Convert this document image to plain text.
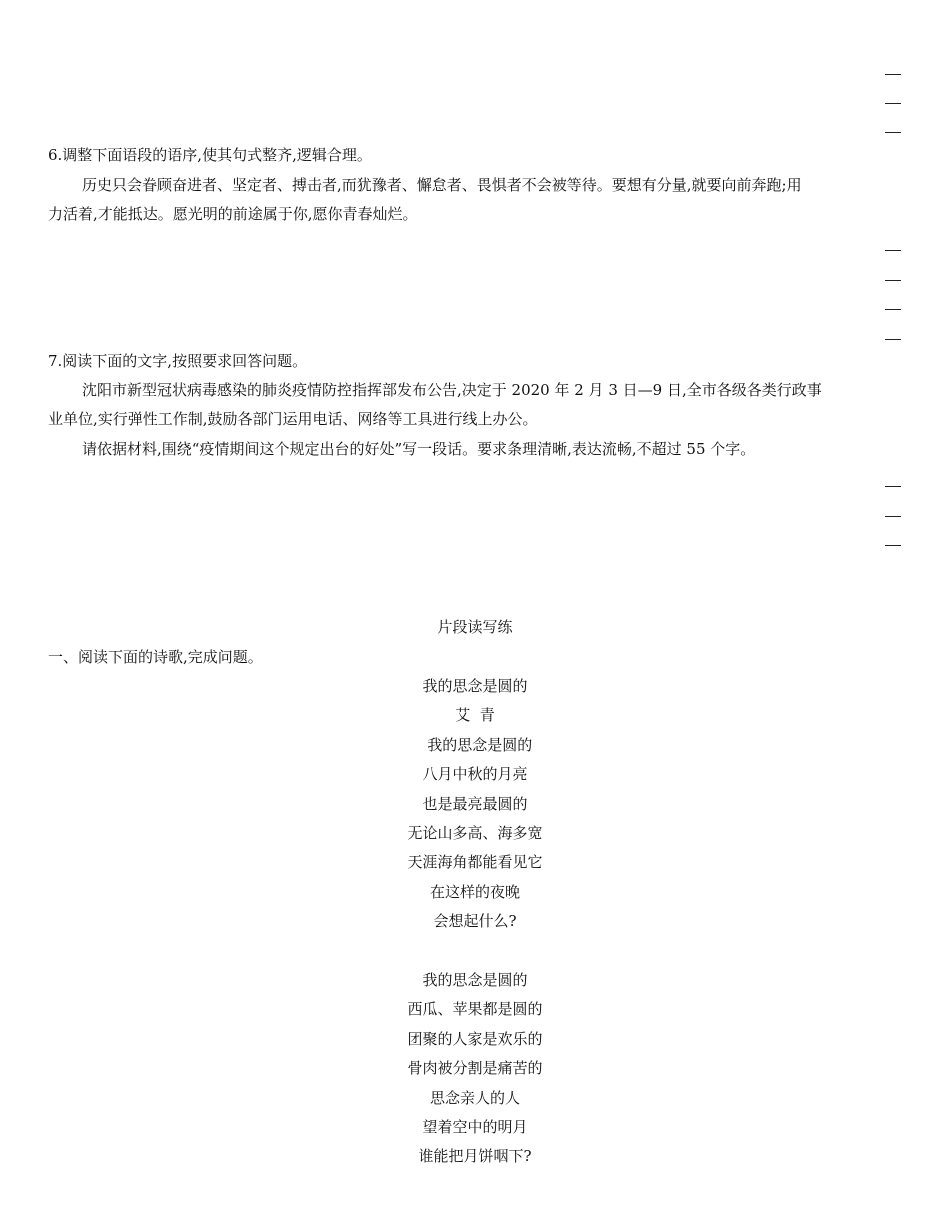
6.调整下面语段的语序,使其句式整齐,逻辑合理。
历史只会眷顾奋进者、坚定者、搏击者,而犹豫者、懈怠者、畏惧者不会被等待。要想有分量,就要向前奔跑;用
力活着,才能抵达。愿光明的前途属于你,愿你青春灿烂。
7.阅读下面的文字,按照要求回答问题。
沈阳市新型冠状病毒感染的肺炎疫情防控指挥部发布公告,决定于 2020 年 2 月 3 日—9 日,全市各级各类行政事
业单位,实行弹性工作制,鼓励各部门运用电话、网络等工具进行线上办公。
请依据材料,围绕“疫情期间这个规定出台的好处”写一段话。要求条理清晰,表达流畅,不超过 55 个字。
片段读写练
一、阅读下面的诗歌,完成问题。
我的思念是圆的
艾  青
我的思念是圆的
八月中秋的月亮
也是最亮最圆的
无论山多高、海多宽
天涯海角都能看见它
在这样的夜晚
会想起什么?
我的思念是圆的
西瓜、苹果都是圆的
团聚的人家是欢乐的
骨肉被分割是痛苦的
思念亲人的人
望着空中的明月
谁能把月饼咽下?
